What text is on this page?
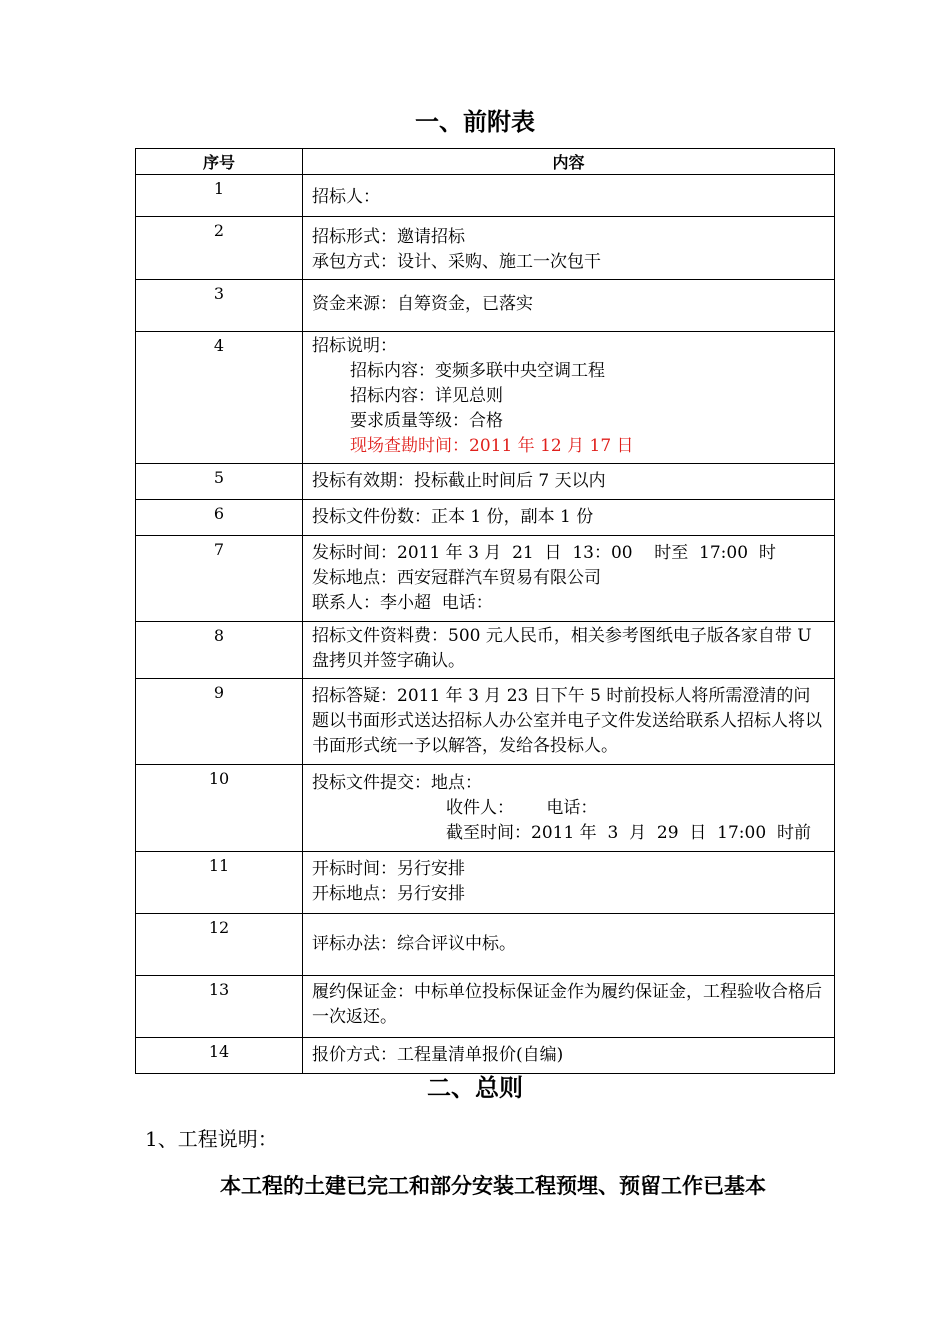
一、前附表
序号	内容
1	招标人：

2	招标形式：邀请招标
承包方式：设计、采购、施工一次包干

3	资金来源：自筹资金，已落实

4	招标说明：
招标内容：变频多联中央空调工程
招标内容：详见总则
要求质量等级：合格
现场查勘时间：2011 年 12 月 17 日

5	投标有效期：投标截止时间后 7 天以内

6	投标文件份数：正本 1 份，副本 1 份

7	发标时间：2011 年 3 月  21  日  13：00    时至  17:00  时
发标地点：西安冠群汽车贸易有限公司
联系人：李小超  电话：

8	招标文件资料费：500 元人民币，相关参考图纸电子版各家自带 U 盘拷贝并签字确认。

9	招标答疑：2011 年 3 月 23 日下午 5 时前投标人将所需澄清的问题以书面形式送达招标人办公室并电子文件发送给联系人招标人将以书面形式统一予以解答，发给各投标人。

10	投标文件提交：地点：
收件人：      电话：
截至时间：2011 年  3  月  29  日  17:00  时前

11	开标时间：另行安排
开标地点：另行安排

12	评标办法：综合评议中标。

13	履约保证金：中标单位投标保证金作为履约保证金，工程验收合格后一次返还。

14	报价方式：工程量清单报价(自编)
二、总则
1、工程说明：
本工程的土建已完工和部分安装工程预埋、预留工作已基本
